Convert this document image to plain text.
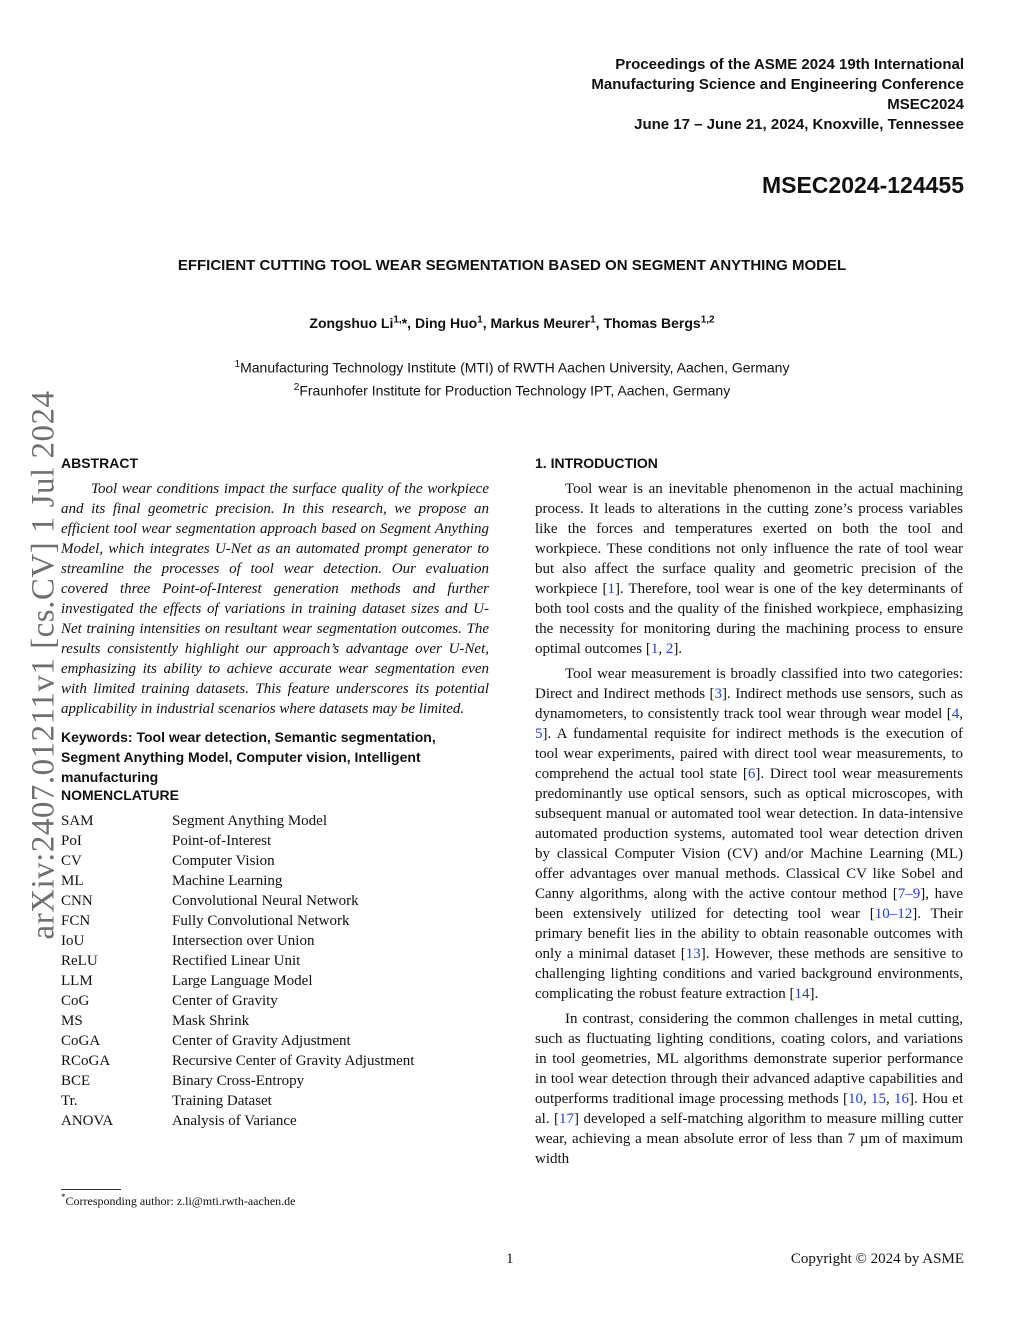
arXiv:2407.01211v1 [cs.CV] 1 Jul 2024
Proceedings of the ASME 2024 19th International
Manufacturing Science and Engineering Conference
MSEC2024
June 17 – June 21, 2024, Knoxville, Tennessee
MSEC2024-124455
EFFICIENT CUTTING TOOL WEAR SEGMENTATION BASED ON SEGMENT ANYTHING MODEL
Zongshuo $Li^{1,}*$, Ding Huo$^1$, Markus Meurer$^1$, Thomas Bergs$^{1,2}$
$^1$Manufacturing Technology Institute (MTI) of RWTH Aachen University, Aachen, Germany
$^2$Fraunhofer Institute for Production Technology IPT, Aachen, Germany
ABSTRACT

Tool wear conditions impact the surface quality of the workpiece and its final geometric precision. In this research, we propose an efficient tool wear segmentation approach based on Segment Anything Model, which integrates U-Net as an automated prompt generator to streamline the processes of tool wear detection. Our evaluation covered three Point-of-Interest generation methods and further investigated the effects of variations in training dataset sizes and U-Net training intensities on resultant wear segmentation outcomes. The results consistently highlight our approach’s advantage over U-Net, emphasizing its ability to achieve accurate wear segmentation even with limited training datasets. This feature underscores its potential applicability in industrial scenarios where datasets may be limited.

Keywords: Tool wear detection, Semantic segmentation, Segment Anything Model, Computer vision, Intelligent manufacturing

NOMENCLATURE
SAM	Segment Anything Model
PoI	Point-of-Interest
CV	Computer Vision
ML	Machine Learning
CNN	Convolutional Neural Network
FCN	Fully Convolutional Network
IoU	Intersection over Union
ReLU	Rectified Linear Unit
LLM	Large Language Model
CoG	Center of Gravity
MS	Mask Shrink
CoGA	Center of Gravity Adjustment
RCoGA	Recursive Center of Gravity Adjustment
BCE	Binary Cross-Entropy
Tr.	Training Dataset
ANOVA	Analysis of Variance
*Corresponding author: z.li@mti.rwth-aachen.de
1. INTRODUCTION

Tool wear is an inevitable phenomenon in the actual machining process. It leads to alterations in the cutting zone’s process variables like the forces and temperatures exerted on both the tool and workpiece. These conditions not only influence the rate of tool wear but also affect the surface quality and geometric precision of the workpiece [1]. Therefore, tool wear is one of the key determinants of both tool costs and the quality of the finished workpiece, emphasizing the necessity for monitoring during the machining process to ensure optimal outcomes [1, 2].

Tool wear measurement is broadly classified into two categories: Direct and Indirect methods [3]. Indirect methods use sensors, such as dynamometers, to consistently track tool wear through wear model [4, 5]. A fundamental requisite for indirect methods is the execution of tool wear experiments, paired with direct tool wear measurements, to comprehend the actual tool state [6]. Direct tool wear measurements predominantly use optical sensors, such as optical microscopes, with subsequent manual or automated tool wear detection. In data-intensive automated production systems, automated tool wear detection driven by classical Computer Vision (CV) and/or Machine Learning (ML) offer advantages over manual methods. Classical CV like Sobel and Canny algorithms, along with the active contour method [7–9], have been extensively utilized for detecting tool wear [10–12]. Their primary benefit lies in the ability to obtain reasonable outcomes with only a minimal dataset [13]. However, these methods are sensitive to challenging lighting conditions and varied background environments, complicating the robust feature extraction [14].

In contrast, considering the common challenges in metal cutting, such as fluctuating lighting conditions, coating colors, and variations in tool geometries, ML algorithms demonstrate superior performance in tool wear detection through their advanced adaptive capabilities and outperforms traditional image processing methods [10, 15, 16]. Hou et al. [17] developed a self-matching algorithm to measure milling cutter wear, achieving a mean absolute error of less than 7 µm of maximum width

1	Copyright © 2024 by ASME
